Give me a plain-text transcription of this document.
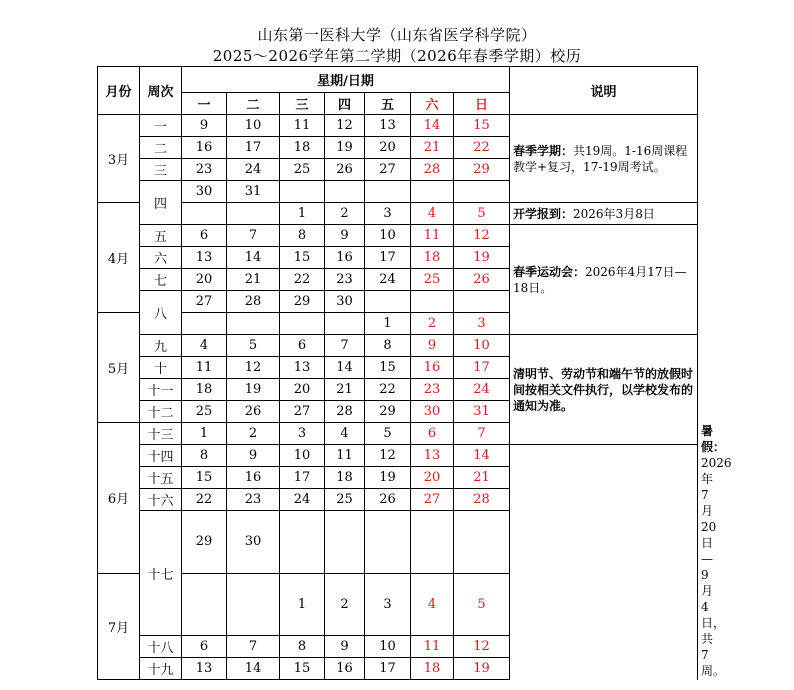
山东第一医科大学（山东省医学科学院）
2025～2026学年第二学期（2026年春季学期）校历
月份	周次	星期/日期							说明	
		一	二	三	四	五	六	日		
3月	一	9	10	11	12	13	14	15	春季学期：共19周。1-16周课程教学+复习，17-19周考试。	
	二	16	17	18	19	20	21	22		
	三	23	24	25	26	27	28	29		
	四	30	31							
4月				1	2	3	4	5	开学报到：2026年3月8日	
	五	6	7	8	9	10	11	12	春季运动会：2026年4月17日—18日。	
	六	13	14	15	16	17	18	19		
	七	20	21	22	23	24	25	26		
	八	27	28	29	30					
5月						1	2	3		
	九	4	5	6	7	8	9	10	清明节、劳动节和端午节的放假时间按相关文件执行，以学校发布的通知为准。	
	十	11	12	13	14	15	16	17		
	十一	18	19	20	21	22	23	24		
	十二	25	26	27	28	29	30	31		
6月	十三	1	2	3	4	5	6	7		暑假：2026年7月20日—9月4日，共7周。
	十四	8	9	10	11	12	13	14		
	十五	15	16	17	18	19	20	21		
	十六	22	23	24	25	26	27	28		
	十七	29	30							
7月				1	2	3	4	5		
	十八	6	7	8	9	10	11	12		
	十九	13	14	15	16	17	18	19		
